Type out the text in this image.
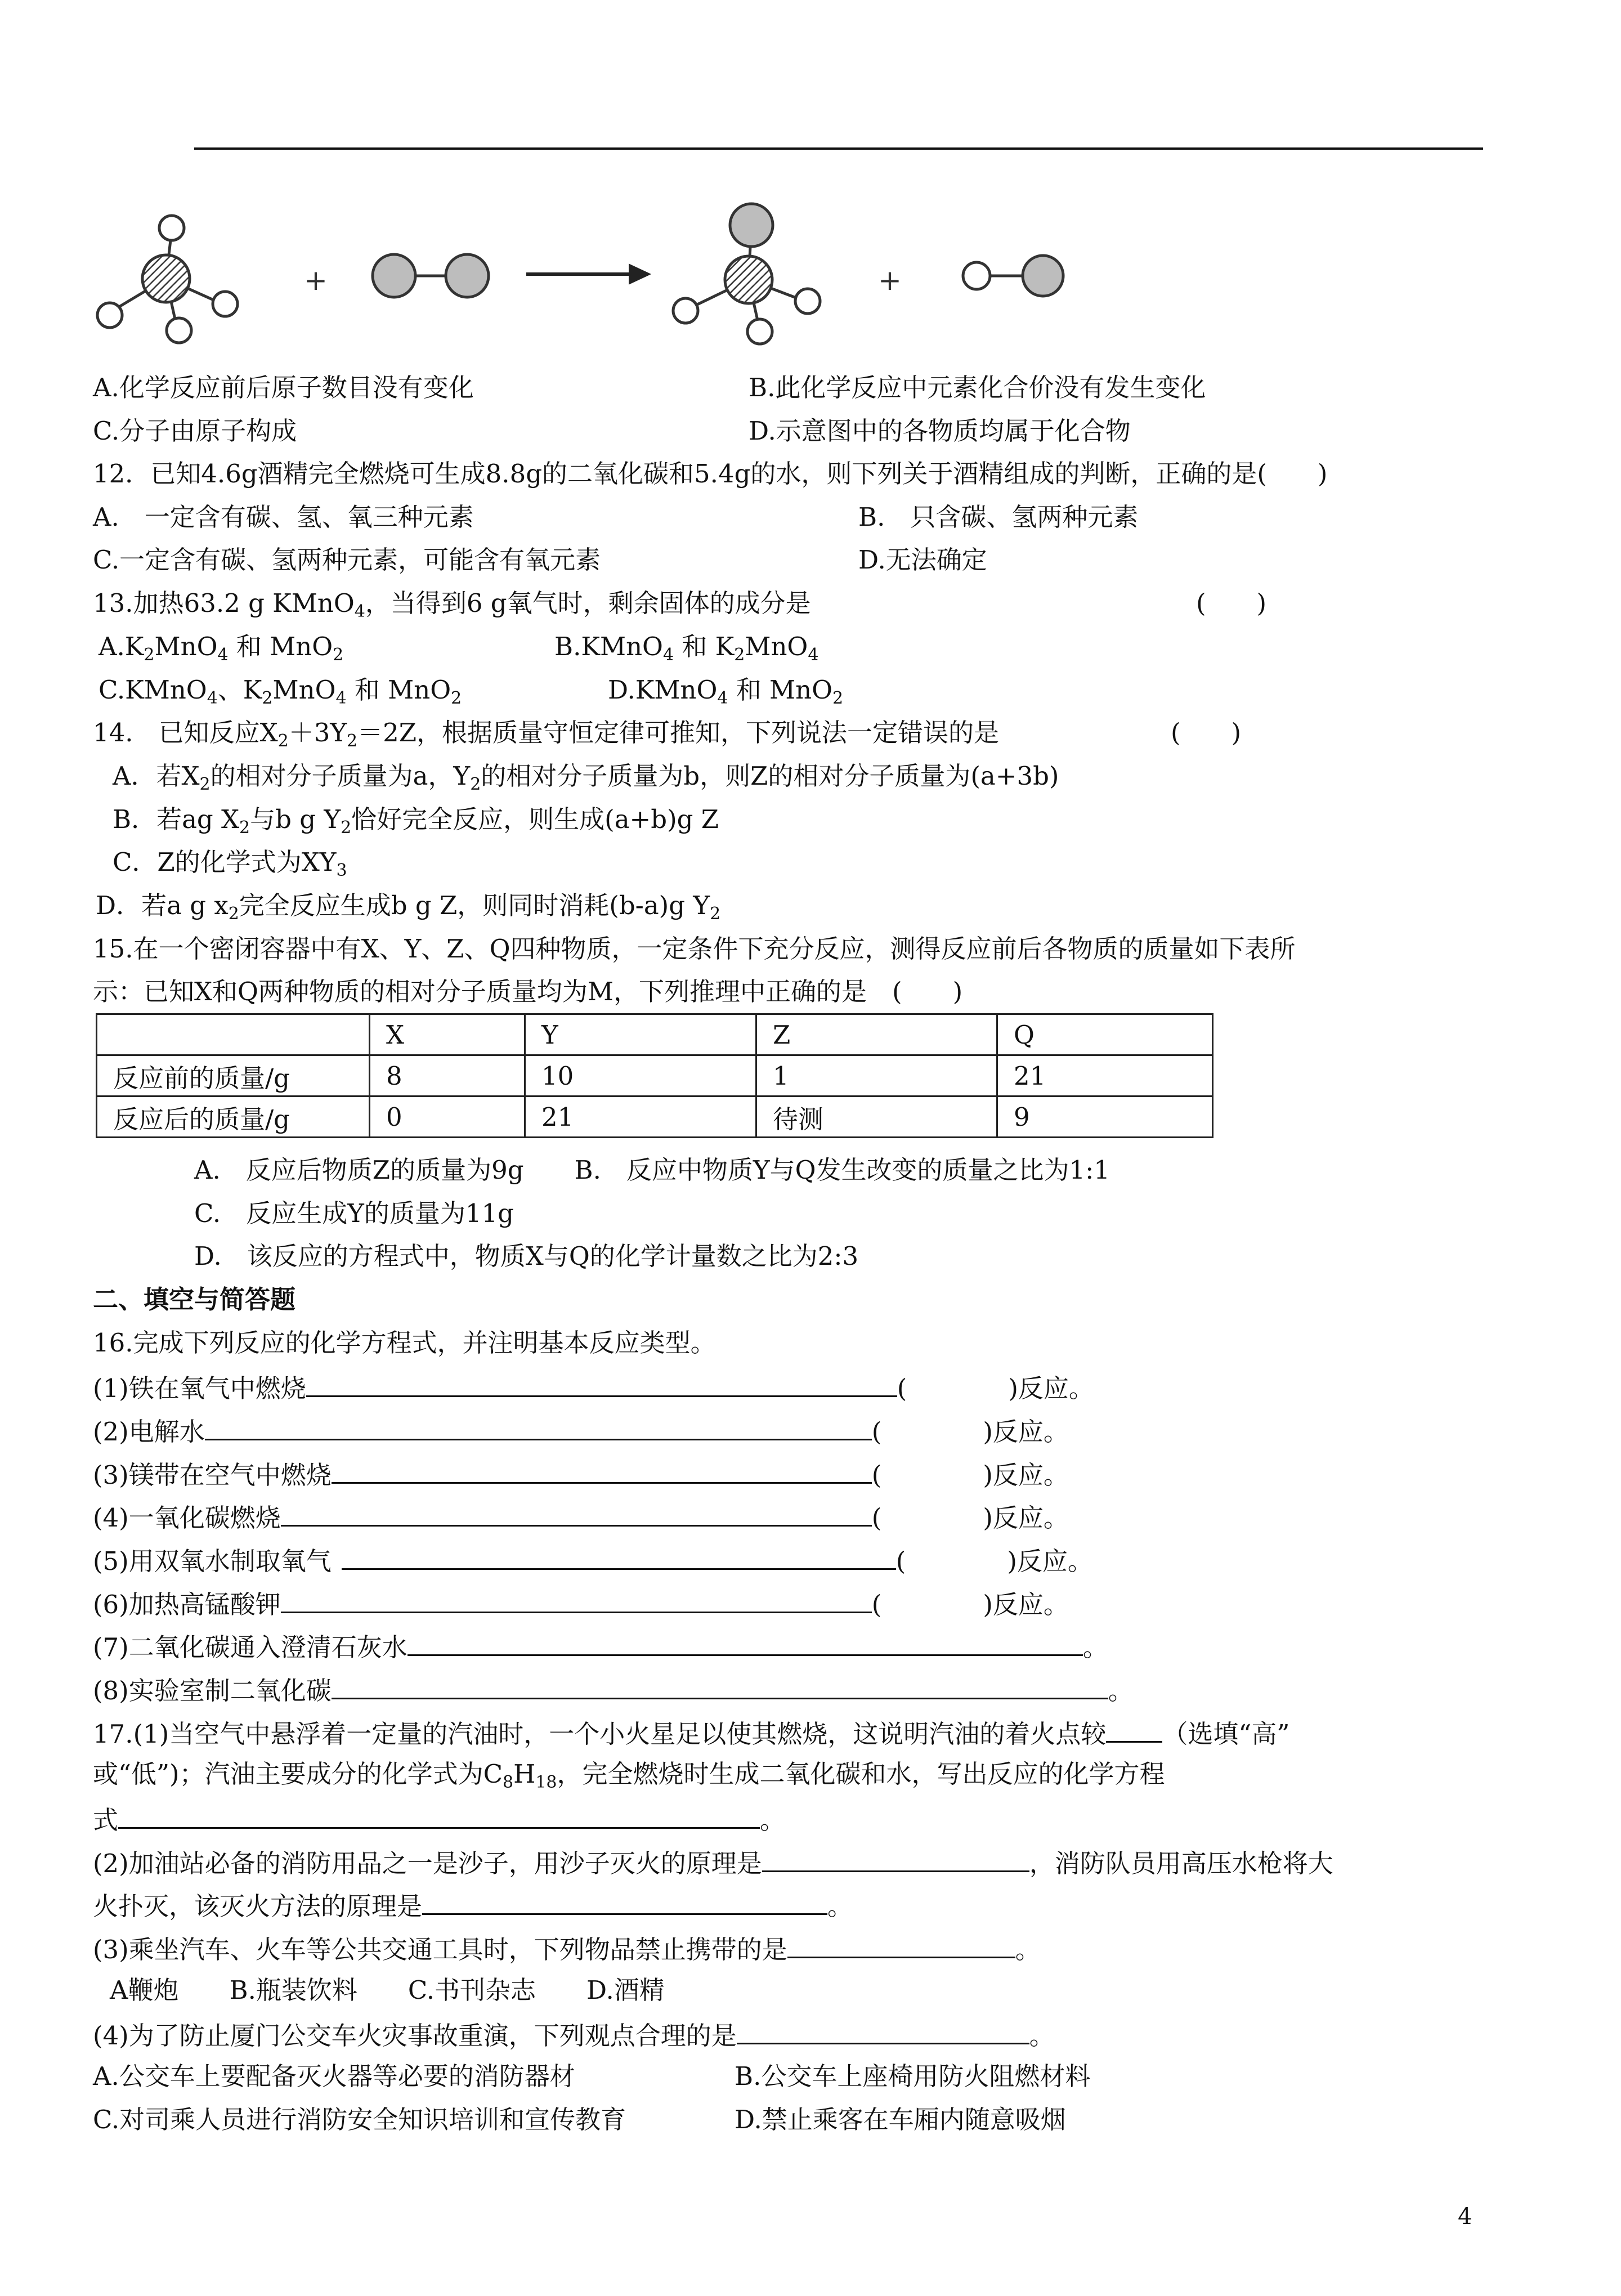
+	+
A.化学反应前后原子数目没有变化	B.此化学反应中元素化合价没有发生变化
C.分子由原子构成	D.示意图中的各物质均属于化合物
12．已知4.6g酒精完全燃烧可生成8.8g的二氧化碳和5.4g的水，则下列关于酒精组成的判断，正确的是(　　)
A.　一定含有碳、氢、氧三种元素	B.　只含碳、氢两种元素
C.一定含有碳、氢两种元素，可能含有氧元素	D.无法确定
13.加热63.2 g KMnO$_4$，当得到6 g氧气时，剩余固体的成分是	(　　)
$A.K_2MnO_4$ 和 MnO$_2$	B.KMnO$_4$ 和 $K_2MnO_4$
C.KMnO$_4$、$K_2MnO_4$ 和 MnO$_2$	D.KMnO$_4$ 和 MnO$_2$
14.　已知反应$X_2+3Y_2=2Z$，根据质量守恒定律可推知，下列说法一定错误的是	(　　)
A．若$X_2$的相对分子质量为a，$Y_2$的相对分子质量为b，则Z的相对分子质量为(a+3b)
B．若ag $X_2$与b g $Y_2$恰好完全反应，则生成(a+b)g Z
C．Z的化学式为$XY_3$
D．若a g $x_2$完全反应生成b g Z，则同时消耗(b-a)g $Y_2$
15.在一个密闭容器中有X、Y、Z、Q四种物质，一定条件下充分反应，测得反应前后各物质的质量如下表所
示：已知X和Q两种物质的相对分子质量均为M，下列推理中正确的是　(　　)
	X	Y	Z	Q
反应前的质量/g	8	10	1	21
反应后的质量/g	0	21	待测	9
A.　反应后物质Z的质量为9g　　B.　反应中物质Y与Q发生改变的质量之比为1:1
C.　反应生成Y的质量为11g
D.　该反应的方程式中，物质X与Q的化学计量数之比为2:3
二、填空与简答题
16.完成下列反应的化学方程式，并注明基本反应类型。
(1)铁在氧气中燃烧	(	)反应。
(2)电解水	(	)反应。
(3)镁带在空气中燃烧	(	)反应。
(4)一氧化碳燃烧	(	)反应。
(5)用双氧水制取氧气	(	)反应。
(6)加热高锰酸钾	(	)反应。
(7)二氧化碳通入澄清石灰水	。
(8)实验室制二氧化碳	。
17.(1)当空气中悬浮着一定量的汽油时，一个小火星足以使其燃烧，这说明汽油的着火点较 （选填“高”
或“低”)；汽油主要成分的化学式为$C_8H_{18}$，完全燃烧时生成二氧化碳和水，写出反应的化学方程
式	。
(2)加油站必备的消防用品之一是沙子，用沙子灭火的原理是	，消防队员用高压水枪将大
火扑灭，该灭火方法的原理是	。
(3)乘坐汽车、火车等公共交通工具时，下列物品禁止携带的是	。
A鞭炮　　B.瓶装饮料　　C.书刊杂志　　D.酒精
(4)为了防止厦门公交车火灾事故重演，下列观点合理的是	。
A.公交车上要配备灭火器等必要的消防器材	B.公交车上座椅用防火阻燃材料
C.对司乘人员进行消防安全知识培训和宣传教育	D.禁止乘客在车厢内随意吸烟
4
